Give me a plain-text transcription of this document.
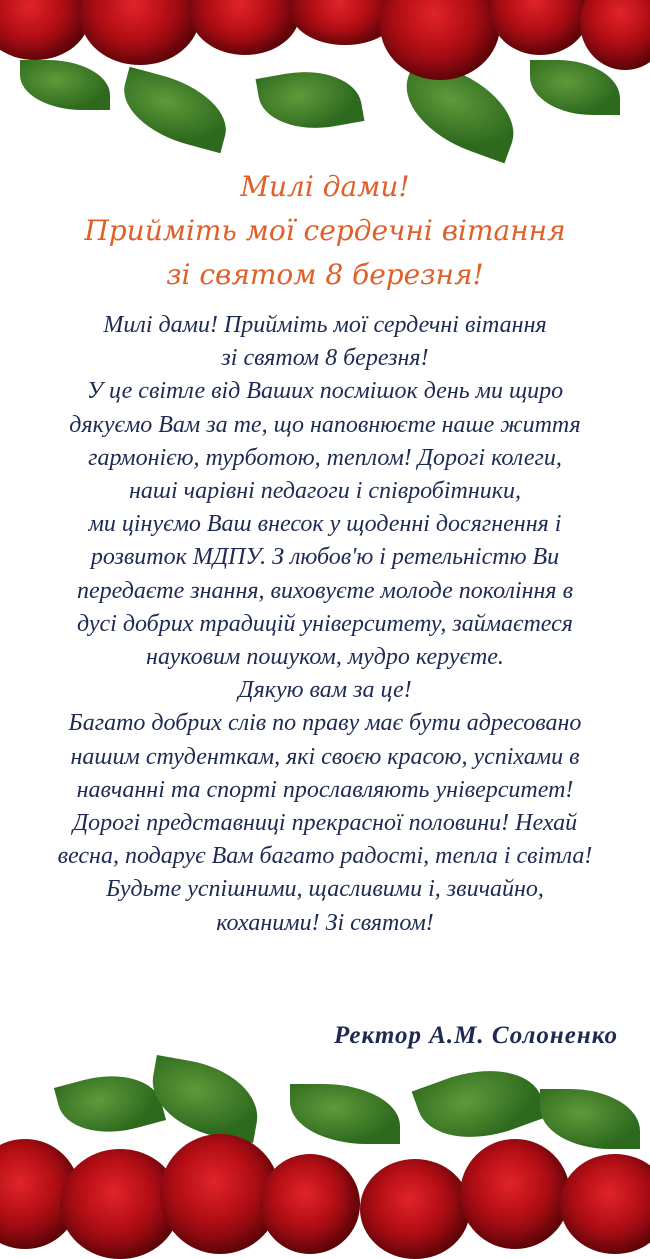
Милі дами!
Прийміть мої сердечні вітання
зі святом 8 березня!
Милі дами! Прийміть мої сердечні вітання
зі святом 8 березня!
У це світле від Ваших посмішок день ми щиро
дякуємо Вам за те, що наповнюєте наше життя
гармонією, турботою, теплом! Дорогі колеги,
наші чарівні педагоги і співробітники,
ми цінуємо Ваш внесок у щоденні досягнення і
розвиток МДПУ. З любов'ю і ретельністю Ви
передаєте знання, виховуєте молоде покоління в
дусі добрих традицій університету, займаєтеся
науковим пошуком, мудро керуєте.
Дякую вам за це!
Багато добрих слів по праву має бути адресовано
нашим студенткам, які своєю красою, успіхами в
навчанні та спорті прославляють університет!
Дорогі представниці прекрасної половини! Нехай
весна, подарує Вам багато радості, тепла і світла!
Будьте успішними, щасливими і, звичайно,
коханими! Зі святом!
Ректор А.М. Солоненко
